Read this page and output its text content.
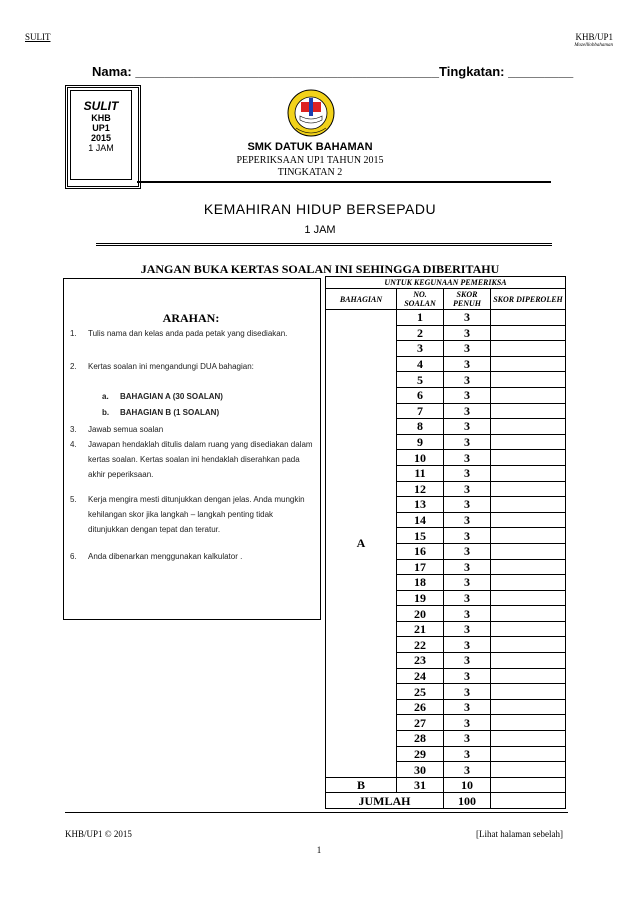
SULIT	KHB/UP1
Mozelllobbahaman
Nama: __________________________________________Tingkatan: _________
SULIT
KHB
UP1
2015
1 JAM	SMK DATUK BAHAMAN
PEPERIKSAAN UP1 TAHUN 2015
TINGKATAN 2
KEMAHIRAN HIDUP BERSEPADU
1 JAM
JANGAN BUKA KERTAS SOALAN INI SEHINGGA DIBERITAHU
ARAHAN:
1. Tulis nama dan kelas anda pada petak yang disediakan.
2. Kertas soalan ini mengandungi DUA bahagian:
a. BAHAGIAN A (30 SOALAN)
b. BAHAGIAN B (1 SOALAN)
3. Jawab semua soalan
4. Jawapan hendaklah ditulis dalam ruang yang disediakan dalam kertas soalan. Kertas soalan ini hendaklah diserahkan pada akhir peperiksaan.
5. Kerja mengira mesti ditunjukkan dengan jelas. Anda mungkin kehilangan skor jika langkah – langkah penting tidak ditunjukkan dengan tepat dan teratur.
6. Anda dibenarkan menggunakan kalkulator .
UNTUK KEGUNAAN PEMERIKSA			
BAHAGIAN	NO. SOALAN	SKOR PENUH	SKOR DIPEROLEH
A	1	3	
	2	3	
	3	3	
	4	3	
	5	3	
	6	3	
	7	3	
	8	3	
	9	3	
	10	3	
	11	3	
	12	3	
	13	3	
	14	3	
	15	3	
	16	3	
	17	3	
	18	3	
	19	3	
	20	3	
	21	3	
	22	3	
	23	3	
	24	3	
	25	3	
	26	3	
	27	3	
	28	3	
	29	3	
	30	3	
B	31	10	
JUMLAH		100	
KHB/UP1 © 2015	[Lihat halaman sebelah]
1
